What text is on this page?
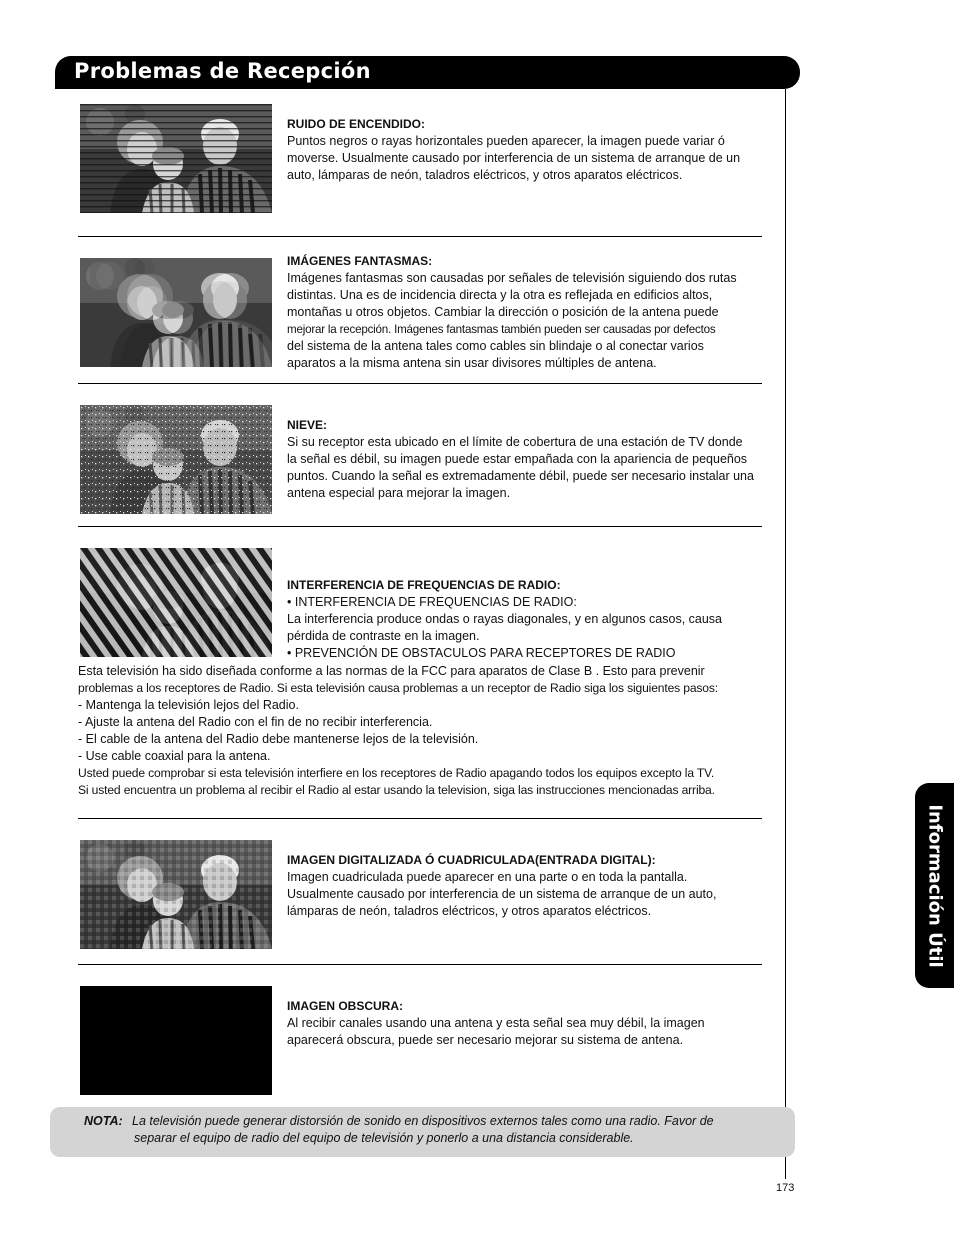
Problemas de Recepción
Información Útil
RUIDO DE ENCENDIDO:
Puntos negros o rayas horizontales pueden aparecer, la imagen puede variar ó
moverse. Usualmente causado por interferencia de un sistema de arranque de un
auto, lámparas de neón, taladros eléctricos, y otros aparatos eléctricos.
IMÁGENES FANTASMAS:
Imágenes fantasmas son causadas por señales de televisión siguiendo dos rutas
distintas. Una es de incidencia directa y la otra es reflejada en edificios altos,
montañas u otros objetos. Cambiar la dirección o posición de la antena puede
mejorar la recepción. Imágenes fantasmas también pueden ser causadas por defectos
del sistema de la antena tales como cables sin blindaje o al conectar varios
aparatos a la misma antena sin usar divisores múltiples de antena.
NIEVE:
Si su receptor esta ubicado en el límite de cobertura de una estación de TV donde
la señal es débil, su imagen puede estar empañada con la apariencia de pequeños
puntos. Cuando la señal es extremadamente débil, puede ser necesario instalar una
antena especial para mejorar la imagen.
INTERFERENCIA DE FREQUENCIAS DE RADIO:
• INTERFERENCIA DE FREQUENCIAS DE RADIO:
La interferencia produce ondas o rayas diagonales, y en algunos casos, causa
pérdida de contraste en la imagen.
• PREVENCIÓN DE OBSTACULOS PARA RECEPTORES DE RADIO
Esta televisión ha sido diseñada conforme a las normas de la FCC para aparatos de Clase B . Esto para prevenir
problemas a los receptores de Radio. Si esta televisión causa problemas a un receptor de Radio siga los siguientes pasos:
- Mantenga la televisión lejos del Radio.
- Ajuste la antena del Radio con el fin de no recibir interferencia.
- El cable de la antena del Radio debe mantenerse lejos de la televisión.
- Use cable coaxial para la antena.
Usted puede comprobar si esta televisión interfiere en los receptores de Radio apagando todos los equipos excepto la TV.
Si usted encuentra un problema al recibir el Radio al estar usando la television, siga las instrucciones mencionadas arriba.
IMAGEN DIGITALIZADA Ó CUADRICULADA(ENTRADA DIGITAL):
Imagen cuadriculada puede aparecer en una parte o en toda la pantalla.
Usualmente causado por interferencia de un sistema de arranque de un auto,
lámparas de neón, taladros eléctricos, y otros aparatos eléctricos.
IMAGEN OBSCURA:
Al recibir canales usando una antena y esta señal sea muy débil, la imagen
aparecerá obscura, puede ser necesario mejorar su sistema de antena.
NOTA: La televisión puede generar distorsión de sonido en dispositivos externos tales como una radio. Favor de
separar el equipo de radio del equipo de televisión y ponerlo a una distancia considerable.
173
